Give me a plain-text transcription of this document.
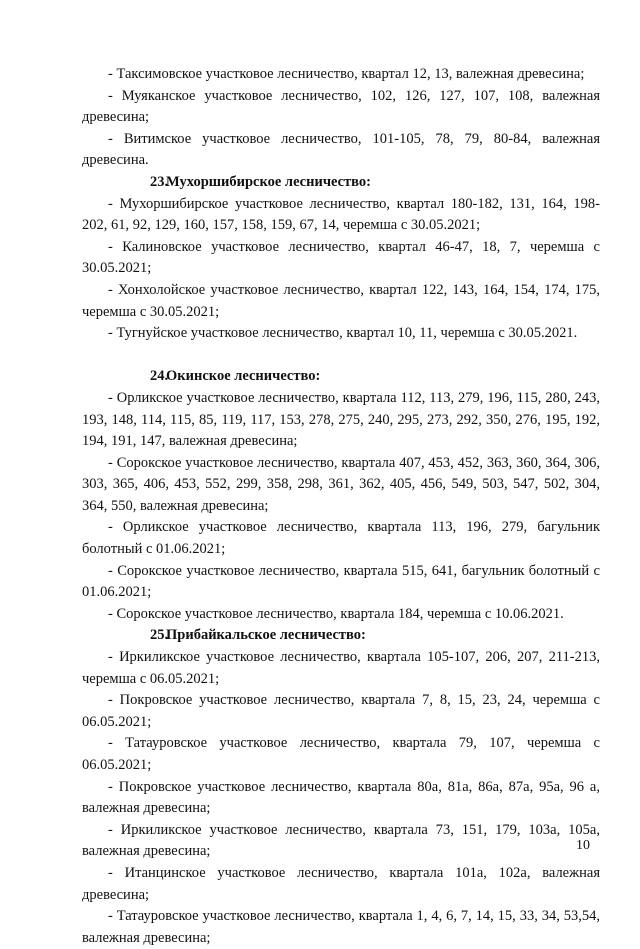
- Таксимовское участковое лесничество, квартал 12, 13, валежная древесина;

- Муяканское участковое лесничество, 102, 126, 127, 107, 108, валежная древесина;

- Витимское участковое лесничество, 101-105, 78, 79, 80-84, валежная древесина.

23.Мухоршибирское лесничество:

- Мухоршибирское участковое лесничество, квартал 180-182, 131, 164, 198-202, 61, 92, 129, 160, 157, 158, 159, 67, 14, черемша с 30.05.2021;

- Калиновское участковое лесничество, квартал 46-47, 18, 7, черемша с 30.05.2021;

- Хонхолойское участковое лесничество, квартал 122, 143, 164, 154, 174, 175, черемша с 30.05.2021;

- Тугнуйское участковое лесничество, квартал 10, 11, черемша с 30.05.2021.

24.Окинское лесничество:

- Орликское участковое лесничество, квартала 112, 113, 279, 196, 115, 280, 243, 193, 148, 114, 115, 85, 119, 117, 153, 278, 275, 240, 295, 273, 292, 350, 276, 195, 192, 194, 191, 147, валежная древесина;

- Сорокское участковое лесничество, квартала 407, 453, 452, 363, 360, 364, 306, 303, 365, 406, 453, 552, 299, 358, 298, 361, 362, 405, 456, 549, 503, 547, 502, 304, 364, 550, валежная древесина;

- Орликское участковое лесничество, квартала 113, 196, 279, багульник болотный с 01.06.2021;

- Сорокское участковое лесничество, квартала 515, 641, багульник болотный с 01.06.2021;

- Сорокское участковое лесничество, квартала 184, черемша с 10.06.2021.

25.Прибайкальское лесничество:

- Иркиликское участковое лесничество, квартала 105-107, 206, 207, 211-213, черемша с 06.05.2021;

- Покровское участковое лесничество, квартала 7, 8, 15, 23, 24, черемша с 06.05.2021;

- Татауровское участковое лесничество, квартала 79, 107, черемша с 06.05.2021;

- Покровское участковое лесничество, квартала 80а, 81а, 86а, 87а, 95а, 96 а, валежная древесина;

- Иркиликское участковое лесничество, квартала 73, 151, 179, 103а, 105а, валежная древесина;

- Итанцинское участковое лесничество, квартала 101а, 102а, валежная древесина;

- Татауровское участковое лесничество, квартала 1, 4, 6, 7, 14, 15, 33, 34, 53,54, валежная древесина;

10
